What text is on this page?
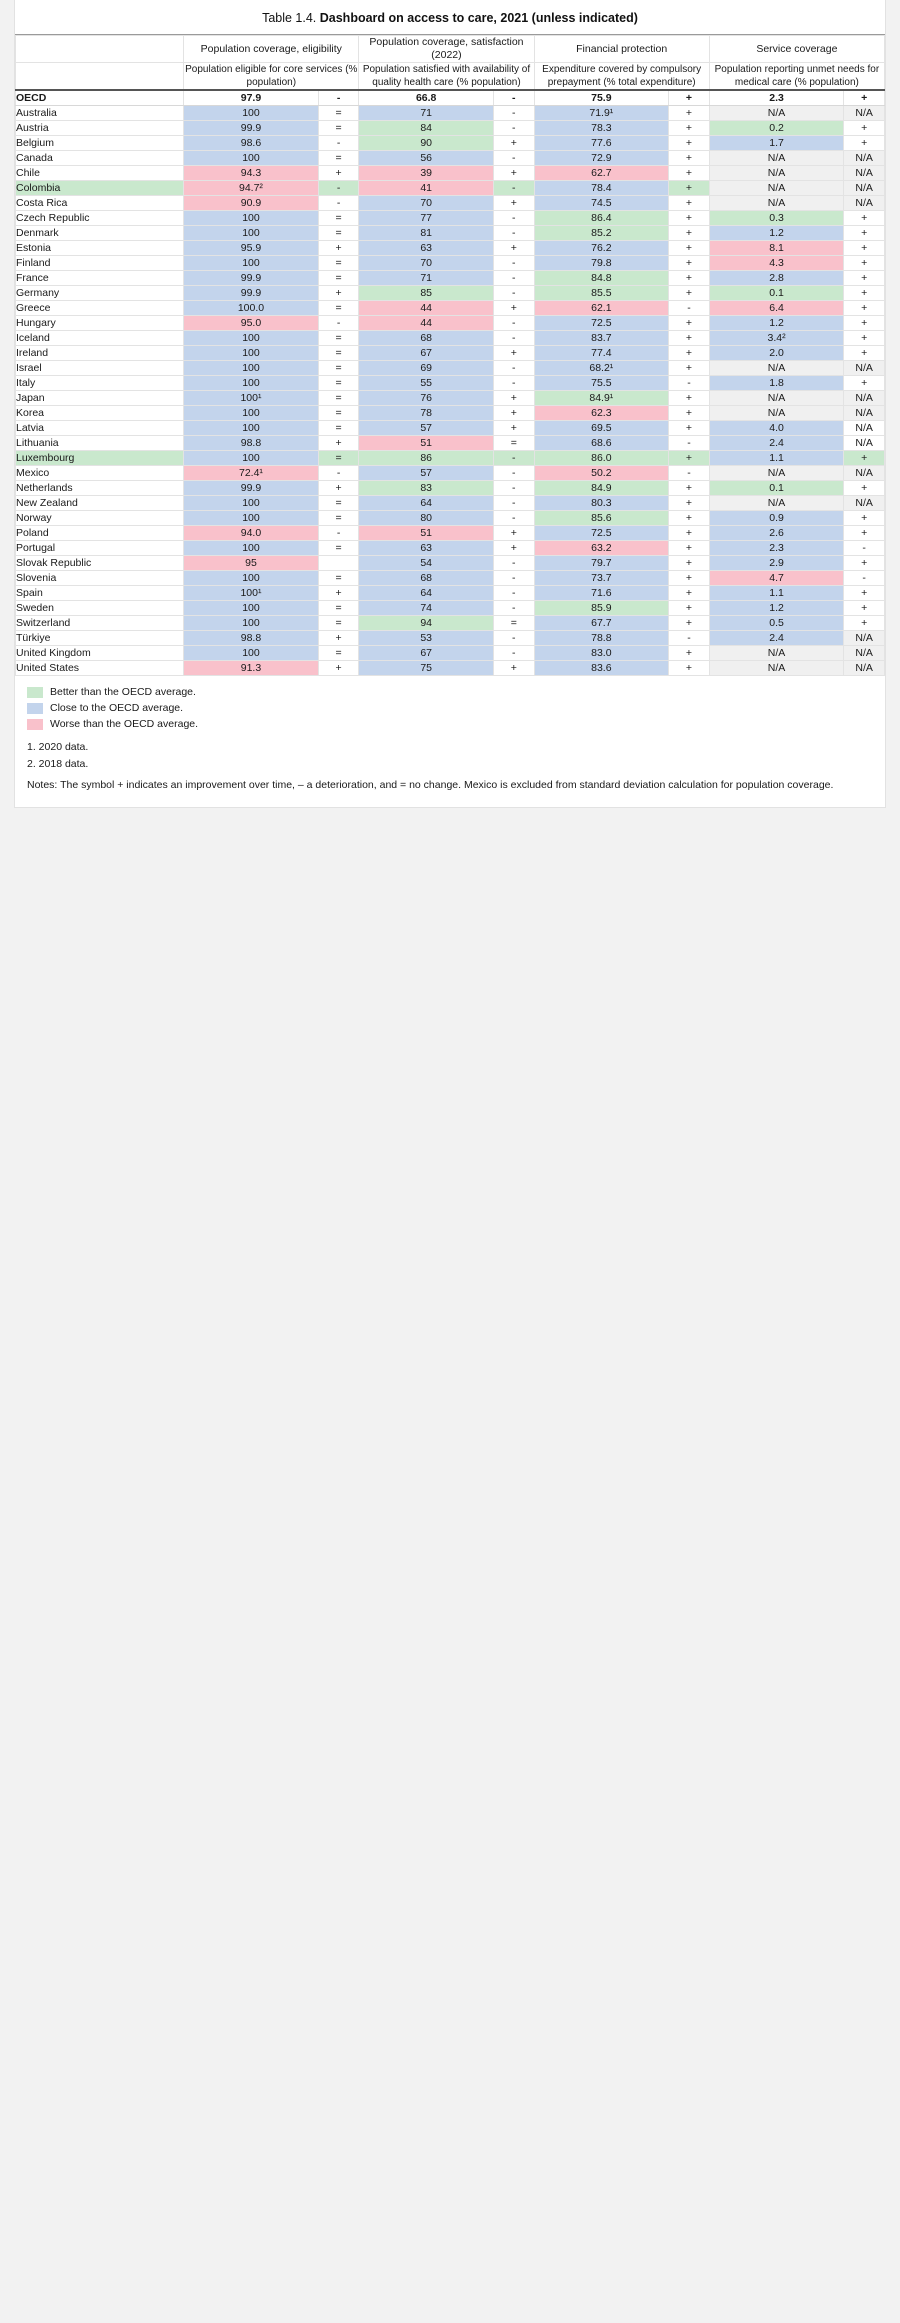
Table 1.4. Dashboard on access to care, 2021 (unless indicated)
	Population coverage, eligibility		Population coverage, satisfaction (2022)		Financial protection		Service coverage	
	Population eligible for core services (% population)		Population satisfied with availability of quality health care (% population)		Expenditure covered by compulsory prepayment (% total expenditure)		Population reporting unmet needs for medical care (% population)	
OECD	97.9	-	66.8	-	75.9	+	2.3	+
Australia	100	=	71	-	71.9¹	+	N/A	N/A
Austria	99.9	=	84	-	78.3	+	0.2	+
Belgium	98.6	-	90	+	77.6	+	1.7	+
Canada	100	=	56	-	72.9	+	N/A	N/A
Chile	94.3	+	39	+	62.7	+	N/A	N/A
Colombia	94.7²	-	41	-	78.4	+	N/A	N/A
Costa Rica	90.9	-	70	+	74.5	+	N/A	N/A
Czech Republic	100	=	77	-	86.4	+	0.3	+
Denmark	100	=	81	-	85.2	+	1.2	+
Estonia	95.9	+	63	+	76.2	+	8.1	+
Finland	100	=	70	-	79.8	+	4.3	+
France	99.9	=	71	-	84.8	+	2.8	+
Germany	99.9	+	85	-	85.5	+	0.1	+
Greece	100.0	=	44	+	62.1	-	6.4	+
Hungary	95.0	-	44	-	72.5	+	1.2	+
Iceland	100	=	68	-	83.7	+	3.4²	+
Ireland	100	=	67	+	77.4	+	2.0	+
Israel	100	=	69	-	68.2¹	+	N/A	N/A
Italy	100	=	55	-	75.5	-	1.8	+
Japan	100¹	=	76	+	84.9¹	+	N/A	N/A
Korea	100	=	78	+	62.3	+	N/A	N/A
Latvia	100	=	57	+	69.5	+	4.0	N/A
Lithuania	98.8	+	51	=	68.6	-	2.4	N/A
Luxembourg	100	=	86	-	86.0	+	1.1	+
Mexico	72.4¹	-	57	-	50.2	-	N/A	N/A
Netherlands	99.9	+	83	-	84.9	+	0.1	+
New Zealand	100	=	64	-	80.3	+	N/A	N/A
Norway	100	=	80	-	85.6	+	0.9	+
Poland	94.0	-	51	+	72.5	+	2.6	+
Portugal	100	=	63	+	63.2	+	2.3	-
Slovak Republic	95		54	-	79.7	+	2.9	+
Slovenia	100	=	68	-	73.7	+	4.7	-
Spain	100¹	+	64	-	71.6	+	1.1	+
Sweden	100	=	74	-	85.9	+	1.2	+
Switzerland	100	=	94	=	67.7	+	0.5	+
Türkiye	98.8	+	53	-	78.8	-	2.4	N/A
United Kingdom	100	=	67	-	83.0	+	N/A	N/A
United States	91.3	+	75	+	83.6	+	N/A	N/A
Better than the OECD average.
Close to the OECD average.
Worse than the OECD average.
1. 2020 data.
2. 2018 data.
Notes: The symbol + indicates an improvement over time, – a deterioration, and = no change. Mexico is excluded from standard deviation calculation for population coverage.
